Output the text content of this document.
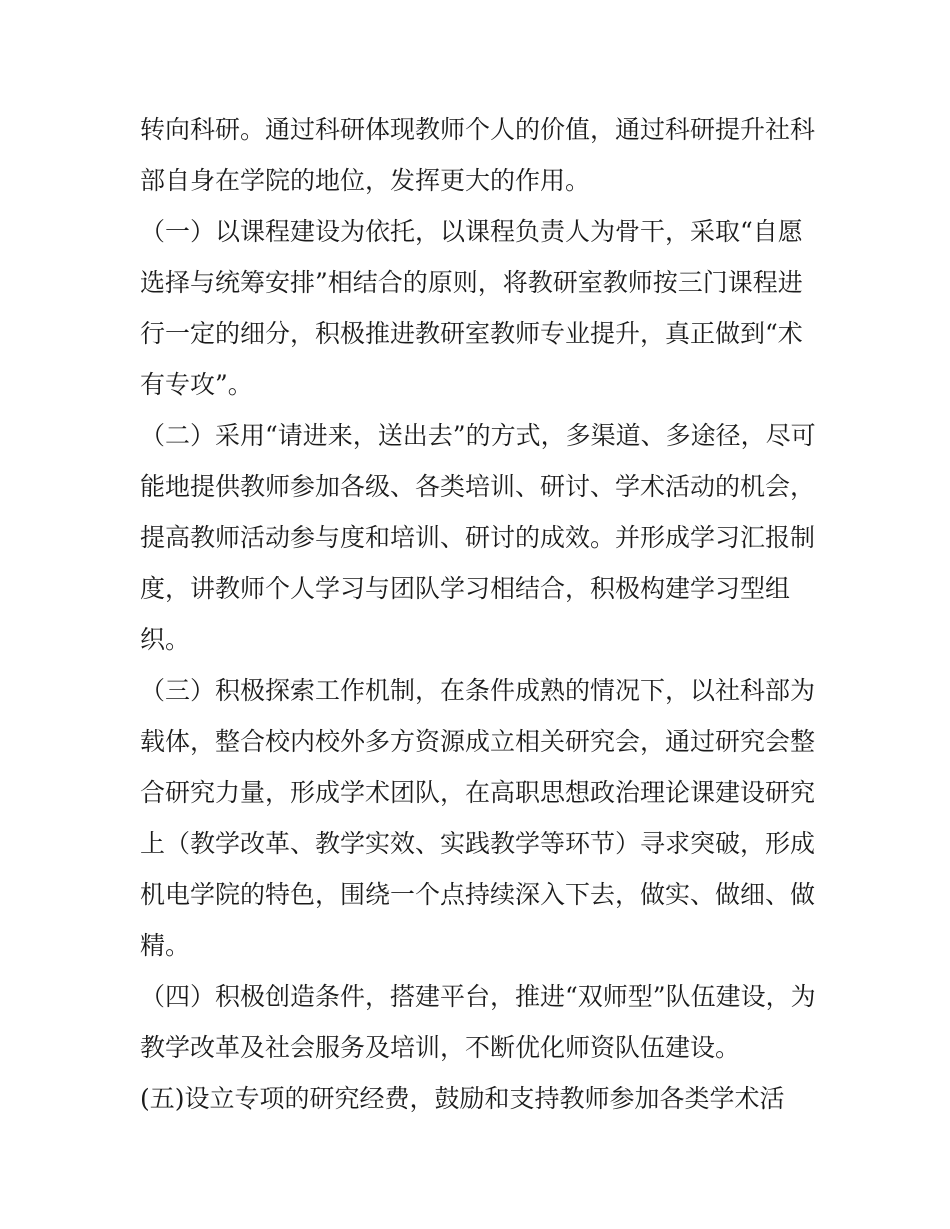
转向科研。通过科研体现教师个人的价值，通过科研提升社科
部自身在学院的地位，发挥更大的作用。
（一）以课程建设为依托，以课程负责人为骨干，采取“自愿
选择与统筹安排”相结合的原则，将教研室教师按三门课程进
行一定的细分，积极推进教研室教师专业提升，真正做到“术
有专攻”。
（二）采用“请进来，送出去”的方式，多渠道、多途径，尽可
能地提供教师参加各级、各类培训、研讨、学术活动的机会，
提高教师活动参与度和培训、研讨的成效。并形成学习汇报制
度，讲教师个人学习与团队学习相结合，积极构建学习型组
织。
（三）积极探索工作机制，在条件成熟的情况下，以社科部为
载体，整合校内校外多方资源成立相关研究会，通过研究会整
合研究力量，形成学术团队，在高职思想政治理论课建设研究
上（教学改革、教学实效、实践教学等环节）寻求突破，形成
机电学院的特色，围绕一个点持续深入下去，做实、做细、做
精。
（四）积极创造条件，搭建平台，推进“双师型”队伍建设，为
教学改革及社会服务及培训，不断优化师资队伍建设。
(五)设立专项的研究经费，鼓励和支持教师参加各类学术活
